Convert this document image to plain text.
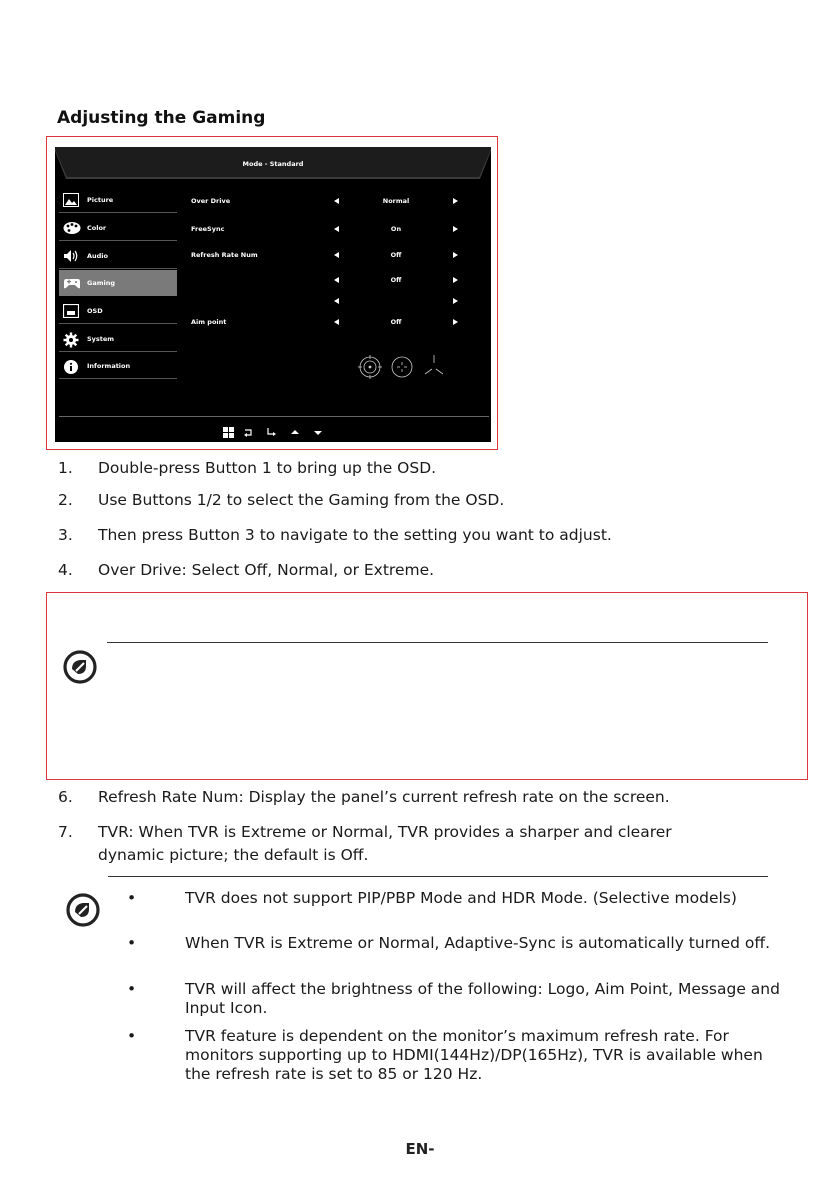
Adjusting the Gaming
Mode - Standard
Picture
Color
Audio
Gaming
OSD
System
Information
Over Drive	Normal
FreeSync	On
Refresh Rate Num	Off
Off
Aim point	Off
1. Double-press Button 1 to bring up the OSD.
2. Use Buttons 1/2 to select the Gaming from the OSD.
3. Then press Button 3 to navigate to the setting you want to adjust.
4. Over Drive: Select Off, Normal, or Extreme.
6. Refresh Rate Num: Display the panel’s current refresh rate on the screen.
7. TVR: When TVR is Extreme or Normal, TVR provides a sharper and clearer
dynamic picture; the default is Off.
•	TVR does not support PIP/PBP Mode and HDR Mode. (Selective models)
•	When TVR is Extreme or Normal, Adaptive-Sync is automatically turned off.
•	TVR will affect the brightness of the following: Logo, Aim Point, Message and Input Icon.
•	TVR feature is dependent on the monitor’s maximum refresh rate. For monitors supporting up to HDMI(144Hz)/DP(165Hz), TVR is available when the refresh rate is set to 85 or 120 Hz.
EN-
